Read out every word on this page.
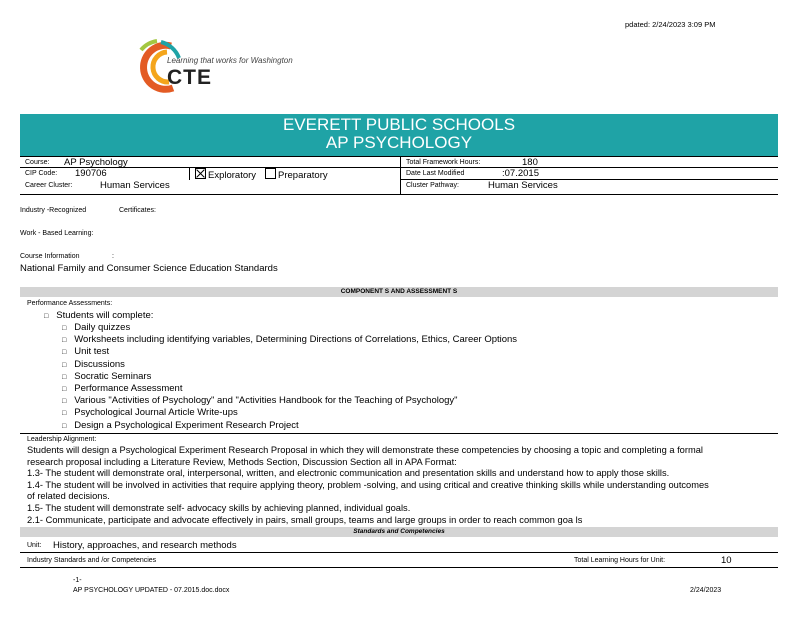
pdated: 2/24/2023 3:09 PM
Learning that works for Washington
CTE
EVERETT PUBLIC SCHOOLS
AP PSYCHOLOGY
Course: AP Psychology
CIP Code: 190706
Career Cluster:	Human Services
Exploratory	Preparatory
Total Framework Hours:	180
Date Last Modified	:07.2015
Cluster Pathway:	Human Services
Industry -Recognized	Certificates:
Work - Based Learning:
Course Information	:
National Family and Consumer Science Education Standards
COMPONENT S AND ASSESSMENT S
Performance Assessments:
□ Students will complete:
□ Daily quizzes
□ Worksheets including identifying variables, Determining Directions of Correlations, Ethics, Career Options
□ Unit test
□ Discussions
□ Socratic Seminars
□ Performance Assessment
□ Various "Activities of Psychology" and "Activities Handbook for the Teaching of Psychology"
□ Psychological Journal Article Write-ups
□ Design a Psychological Experiment Research Project
Leadership Alignment:
Students will design a Psychological Experiment Research Proposal in which they will demonstrate these competencies by choosing a topic and completing a formal
research proposal including a Literature Review, Methods Section, Discussion Section all in APA Format:
1.3- The student will demonstrate oral, interpersonal, written, and electronic communication and presentation skills and understand how to apply those skills.
1.4- The student will be involved in activities that require applying theory, problem -solving, and using critical and creative thinking skills while understanding outcomes
of related decisions.
1.5- The student will demonstrate self- advocacy skills by achieving planned, individual goals.
2.1- Communicate, participate and advocate effectively in pairs, small groups, teams and large groups in order to reach common goa ls
Standards and Competencies
Unit: History, approaches, and research methods
Industry Standards and /or Competencies	Total Learning Hours for Unit:	10
-1-
AP PSYCHOLOGY UPDATED - 07.2015.doc.docx	2/24/2023
